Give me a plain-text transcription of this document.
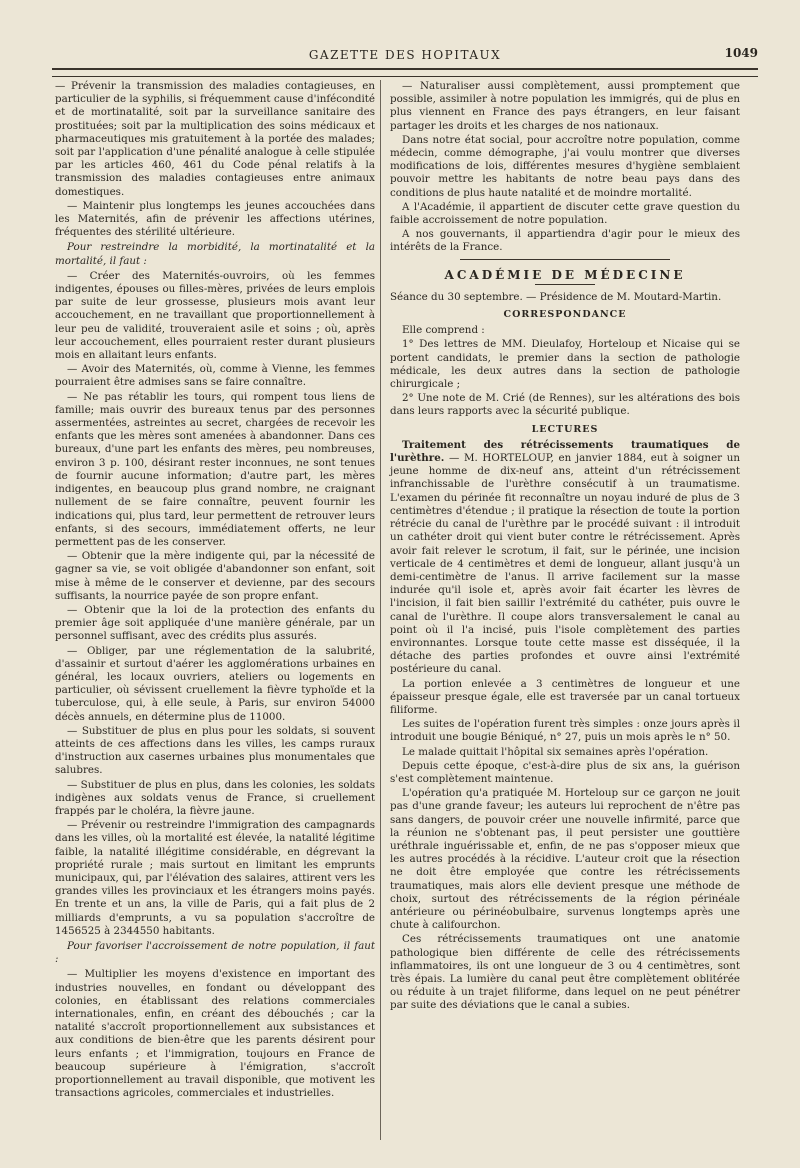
GAZETTE DES HOPITAUX	1049

— Prévenir la transmission des maladies contagieuses, en particulier de la syphilis, si fréquemment cause d'infécondité et de mortinatalité, soit par la surveillance sanitaire des prostituées; soit par la multiplication des soins médicaux et pharmaceutiques mis gratuitement à la portée des malades; soit par l'application d'une pénalité analogue à celle stipulée par les articles 460, 461 du Code pénal relatifs à la transmission des maladies contagieuses entre animaux domestiques.

— Maintenir plus longtemps les jeunes accouchées dans les Maternités, afin de prévenir les affections utérines, fréquentes des stérilité ultérieure.

Pour restreindre la morbidité, la mortinatalité et la mortalité, il faut :

— Créer des Maternités-ouvroirs, où les femmes indigentes, épouses ou filles-mères, privées de leurs emplois par suite de leur grossesse, plusieurs mois avant leur accouchement, en ne travaillant que proportionnellement à leur peu de validité, trouveraient asile et soins ; où, après leur accouchement, elles pourraient rester durant plusieurs mois en allaitant leurs enfants.

— Avoir des Maternités, où, comme à Vienne, les femmes pourraient être admises sans se faire connaître.

— Ne pas rétablir les tours, qui rompent tous liens de famille; mais ouvrir des bureaux tenus par des personnes assermentées, astreintes au secret, chargées de recevoir les enfants que les mères sont amenées à abandonner. Dans ces bureaux, d'une part les enfants des mères, peu nombreuses, environ 3 p. 100, désirant rester inconnues, ne sont tenues de fournir aucune information; d'autre part, les mères indigentes, en beaucoup plus grand nombre, ne craignant nullement de se faire connaître, peuvent fournir les indications qui, plus tard, leur permettent de retrouver leurs enfants, si des secours, immédiatement offerts, ne leur permettent pas de les conserver.

— Obtenir que la mère indigente qui, par la nécessité de gagner sa vie, se voit obligée d'abandonner son enfant, soit mise à même de le conserver et devienne, par des secours suffisants, la nourrice payée de son propre enfant.

— Obtenir que la loi de la protection des enfants du premier âge soit appliquée d'une manière générale, par un personnel suffisant, avec des crédits plus assurés.

— Obliger, par une réglementation de la salubrité, d'assainir et surtout d'aérer les agglomérations urbaines en général, les locaux ouvriers, ateliers ou logements en particulier, où sévissent cruellement la fièvre typhoïde et la tuberculose, qui, à elle seule, à Paris, sur environ 54000 décès annuels, en détermine plus de 11000.

— Substituer de plus en plus pour les soldats, si souvent atteints de ces affections dans les villes, les camps ruraux d'instruction aux casernes urbaines plus monumentales que salubres.

— Substituer de plus en plus, dans les colonies, les soldats indigènes aux soldats venus de France, si cruellement frappés par le choléra, la fièvre jaune.

— Prévenir ou restreindre l'immigration des campagnards dans les villes, où la mortalité est élevée, la natalité légitime faible, la natalité illégitime considérable, en dégrevant la propriété rurale ; mais surtout en limitant les emprunts municipaux, qui, par l'élévation des salaires, attirent vers les grandes villes les provinciaux et les étrangers moins payés. En trente et un ans, la ville de Paris, qui a fait plus de 2 milliards d'emprunts, a vu sa population s'accroître de 1456525 à 2344550 habitants.

Pour favoriser l'accroissement de notre population, il faut :

— Multiplier les moyens d'existence en important des industries nouvelles, en fondant ou développant des colonies, en établissant des relations commerciales internationales, enfin, en créant des débouchés ; car la natalité s'accroît proportionnellement aux subsistances et aux conditions de bien-être que les parents désirent pour leurs enfants ; et l'immigration, toujours en France de beaucoup supérieure à l'émigration, s'accroît proportionnellement au travail disponible, que motivent les transactions agricoles, commerciales et industrielles.

— Naturaliser aussi complètement, aussi promptement que possible, assimiler à notre population les immigrés, qui de plus en plus viennent en France des pays étrangers, en leur faisant partager les droits et les charges de nos nationaux.

Dans notre état social, pour accroître notre population, comme médecin, comme démographe, j'ai voulu montrer que diverses modifications de lois, différentes mesures d'hygiène semblaient pouvoir mettre les habitants de notre beau pays dans des conditions de plus haute natalité et de moindre mortalité.

A l'Académie, il appartient de discuter cette grave question du faible accroissement de notre population.

A nos gouvernants, il appartiendra d'agir pour le mieux des intérêts de la France.

ACADÉMIE DE MÉDECINE

Séance du 30 septembre. — Présidence de M. Moutard-Martin.

CORRESPONDANCE

Elle comprend :

1° Des lettres de MM. Dieulafoy, Horteloup et Nicaise qui se portent candidats, le premier dans la section de pathologie médicale, les deux autres dans la section de pathologie chirurgicale ;

2° Une note de M. Crié (de Rennes), sur les altérations des bois dans leurs rapports avec la sécurité publique.

LECTURES

Traitement des rétrécissements traumatiques de l'urèthre. — M. HORTELOUP, en janvier 1884, eut à soigner un jeune homme de dix-neuf ans, atteint d'un rétrécissement infranchissable de l'urèthre consécutif à un traumatisme. L'examen du périnée fit reconnaître un noyau induré de plus de 3 centimètres d'étendue ; il pratique la résection de toute la portion rétrécie du canal de l'urèthre par le procédé suivant : il introduit un cathéter droit qui vient buter contre le rétrécissement. Après avoir fait relever le scrotum, il fait, sur le périnée, une incision verticale de 4 centimètres et demi de longueur, allant jusqu'à un demi-centimètre de l'anus. Il arrive facilement sur la masse indurée qu'il isole et, après avoir fait écarter les lèvres de l'incision, il fait bien saillir l'extrémité du cathéter, puis ouvre le canal de l'urèthre. Il coupe alors transversalement le canal au point où il l'a incisé, puis l'isole complètement des parties environnantes. Lorsque toute cette masse est disséquée, il la détache des parties profondes et ouvre ainsi l'extrémité postérieure du canal.

La portion enlevée a 3 centimètres de longueur et une épaisseur presque égale, elle est traversée par un canal tortueux filiforme.

Les suites de l'opération furent très simples : onze jours après il introduit une bougie Béniqué, n° 27, puis un mois après le n° 50.

Le malade quittait l'hôpital six semaines après l'opération.

Depuis cette époque, c'est-à-dire plus de six ans, la guérison s'est complètement maintenue.

L'opération qu'a pratiquée M. Horteloup sur ce garçon ne jouit pas d'une grande faveur; les auteurs lui reprochent de n'être pas sans dangers, de pouvoir créer une nouvelle infirmité, parce que la réunion ne s'obtenant pas, il peut persister une gouttière uréthrale inguérissable et, enfin, de ne pas s'opposer mieux que les autres procédés à la récidive. L'auteur croit que la résection ne doit être employée que contre les rétrécissements traumatiques, mais alors elle devient presque une méthode de choix, surtout des rétrécissements de la région périnéale antérieure ou périnéobulbaire, survenus longtemps après une chute à califourchon.

Ces rétrécissements traumatiques ont une anatomie pathologique bien différente de celle des rétrécissements inflammatoires, ils ont une longueur de 3 ou 4 centimètres, sont très épais. La lumière du canal peut être complètement oblitérée ou réduite à un trajet filiforme, dans lequel on ne peut pénétrer par suite des déviations que le canal a subies.
